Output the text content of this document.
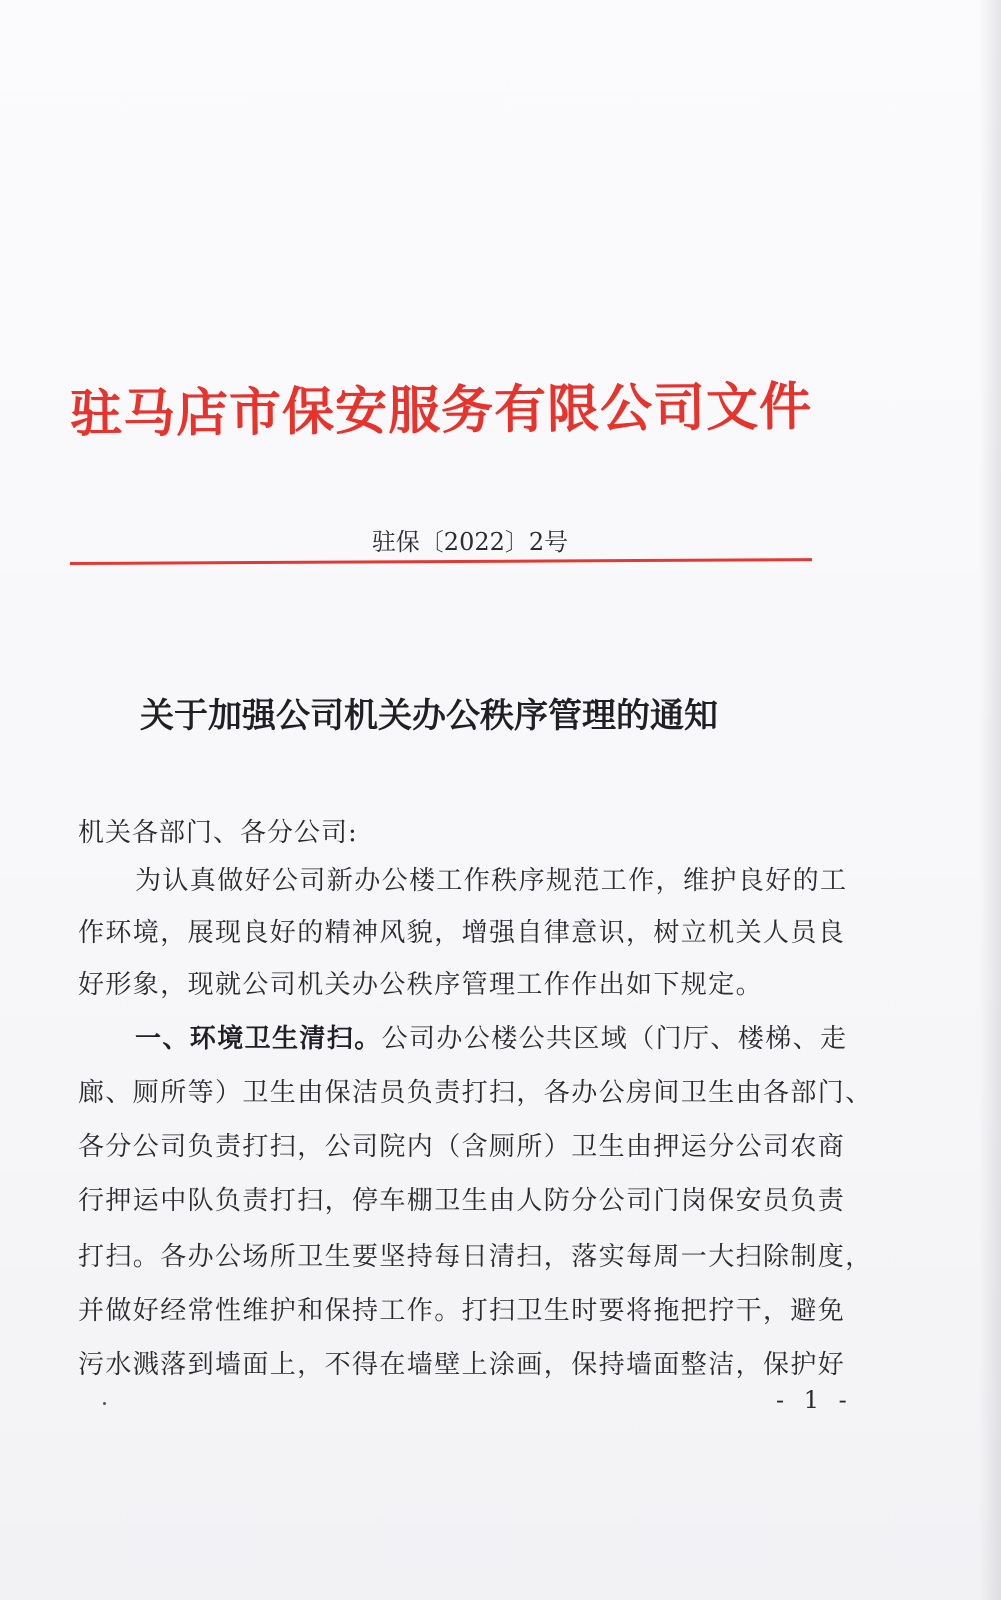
驻马店市保安服务有限公司文件
驻保〔2022〕2号
关于加强公司机关办公秩序管理的通知
机关各部门、各分公司:
为认真做好公司新办公楼工作秩序规范工作，维护良好的工
作环境，展现良好的精神风貌，增强自律意识，树立机关人员良
好形象，现就公司机关办公秩序管理工作作出如下规定。
一、环境卫生清扫。公司办公楼公共区域（门厅、楼梯、走
廊、厕所等）卫生由保洁员负责打扫，各办公房间卫生由各部门、
各分公司负责打扫，公司院内（含厕所）卫生由押运分公司农商
行押运中队负责打扫，停车棚卫生由人防分公司门岗保安员负责
打扫。各办公场所卫生要坚持每日清扫，落实每周一大扫除制度，
并做好经常性维护和保持工作。打扫卫生时要将拖把拧干，避免
污水溅落到墙面上，不得在墙壁上涂画，保持墙面整洁，保护好
- 1 -
